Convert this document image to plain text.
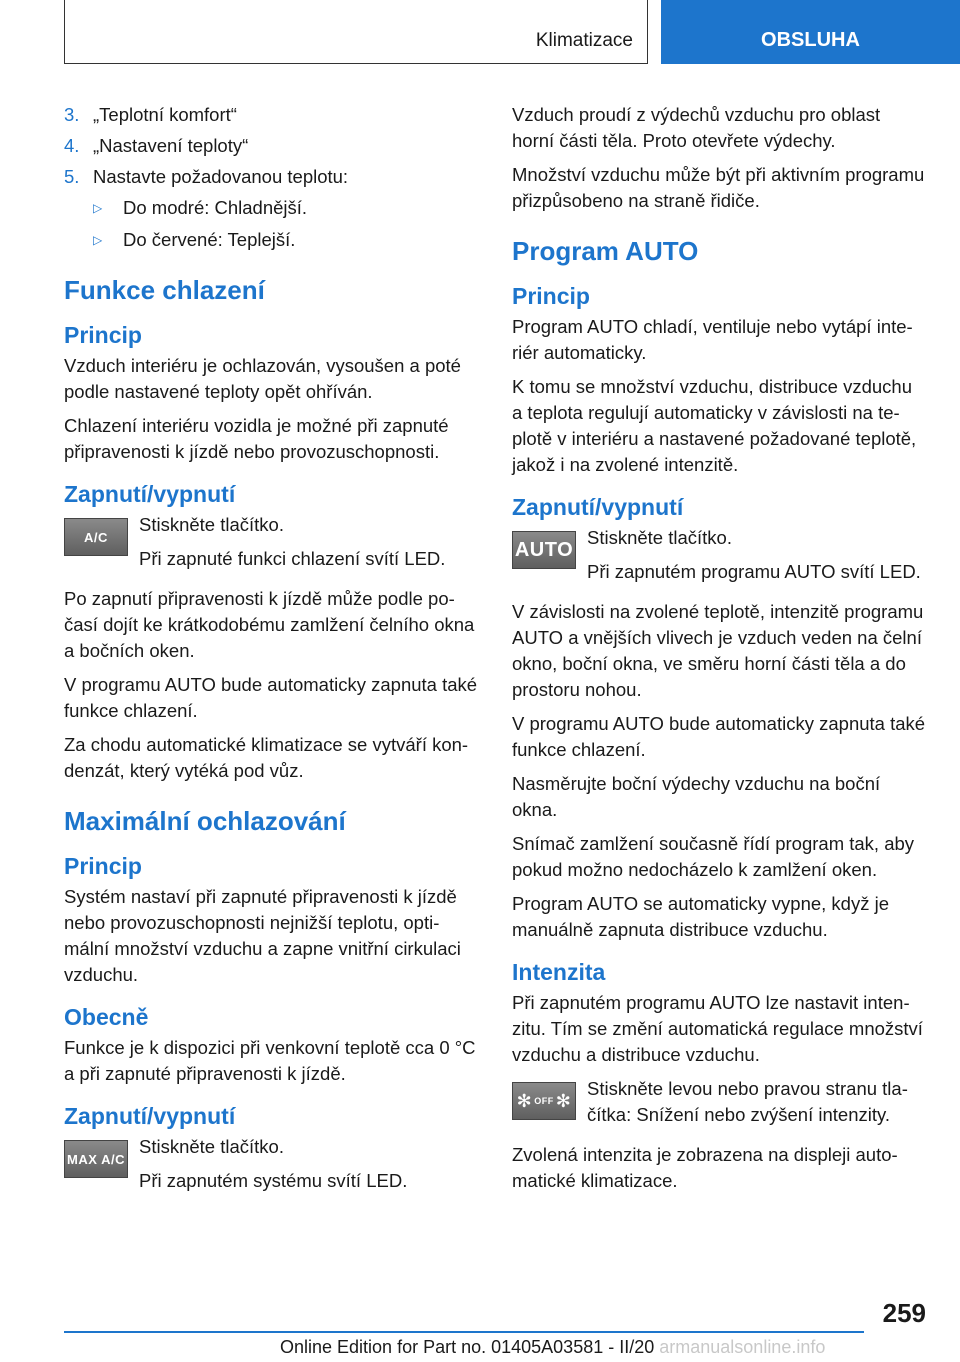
Klimatizace	OBSLUHA
3. „Teplotní komfort“
4. „Nastavení teploty“
5. Nastavte požadovanou teplotu:
▷	Do modré: Chladnější.
▷	Do červené: Teplejší.
Funkce chlazení
Princip

Vzduch interiéru je ochlazován, vysoušen a poté podle nastavené teploty opět ohříván.

Chlazení interiéru vozidla je možné při zapnuté připravenosti k jízdě nebo provozuschopnosti.

Zapnutí/vypnutí
A/C

Stiskněte tlačítko.

Při zapnuté funkci chlazení svítí LED.

Po zapnutí připravenosti k jízdě může podle počasí dojít ke krátkodobému zamlžení čelního okna a bočních oken.

V programu AUTO bude automaticky zapnuta také funkce chlazení.

Za chodu automatické klimatizace se vytváří kondenzát, který vytéká pod vůz.

Maximální ochlazování
Princip

Systém nastaví při zapnuté připravenosti k jízdě nebo provozuschopnosti nejnižší teplotu, optimální množství vzduchu a zapne vnitřní cirkulaci vzduchu.

Obecně

Funkce je k dispozici při venkovní teplotě cca 0 °C a při zapnuté připravenosti k jízdě.

Zapnutí/vypnutí
MAX A/C

Stiskněte tlačítko.

Při zapnutém systému svítí LED.

Vzduch proudí z výdechů vzduchu pro oblast horní části těla. Proto otevřete výdechy.

Množství vzduchu může být při aktivním programu přizpůsobeno na straně řidiče.

Program AUTO
Princip

Program AUTO chladí, ventiluje nebo vytápí interiér automaticky.

K tomu se množství vzduchu, distribuce vzduchu a teplota regulují automaticky v závislosti na teplotě v interiéru a nastavené požadované teplotě, jakož i na zvolené intenzitě.

Zapnutí/vypnutí
AUTO

Stiskněte tlačítko.

Při zapnutém programu AUTO svítí LED.

V závislosti na zvolené teplotě, intenzitě programu AUTO a vnějších vlivech je vzduch veden na čelní okno, boční okna, ve směru horní části těla a do prostoru nohou.

V programu AUTO bude automaticky zapnuta také funkce chlazení.

Nasměrujte boční výdechy vzduchu na boční okna.

Snímač zamlžení současně řídí program tak, aby pokud možno nedocházelo k zamlžení oken.

Program AUTO se automaticky vypne, když je manuálně zapnuta distribuce vzduchu.

Intenzita

Při zapnutém programu AUTO lze nastavit intenzitu. Tím se změní automatická regulace množství vzduchu a distribuce vzduchu.

✻ OFF ✻

Stiskněte levou nebo pravou stranu tlačítka: Snížení nebo zvýšení intenzity.

Zvolená intenzita je zobrazena na displeji automatické klimatizace.

259
Online Edition for Part no. 01405A03581 - II/20 armanualsonline.info
